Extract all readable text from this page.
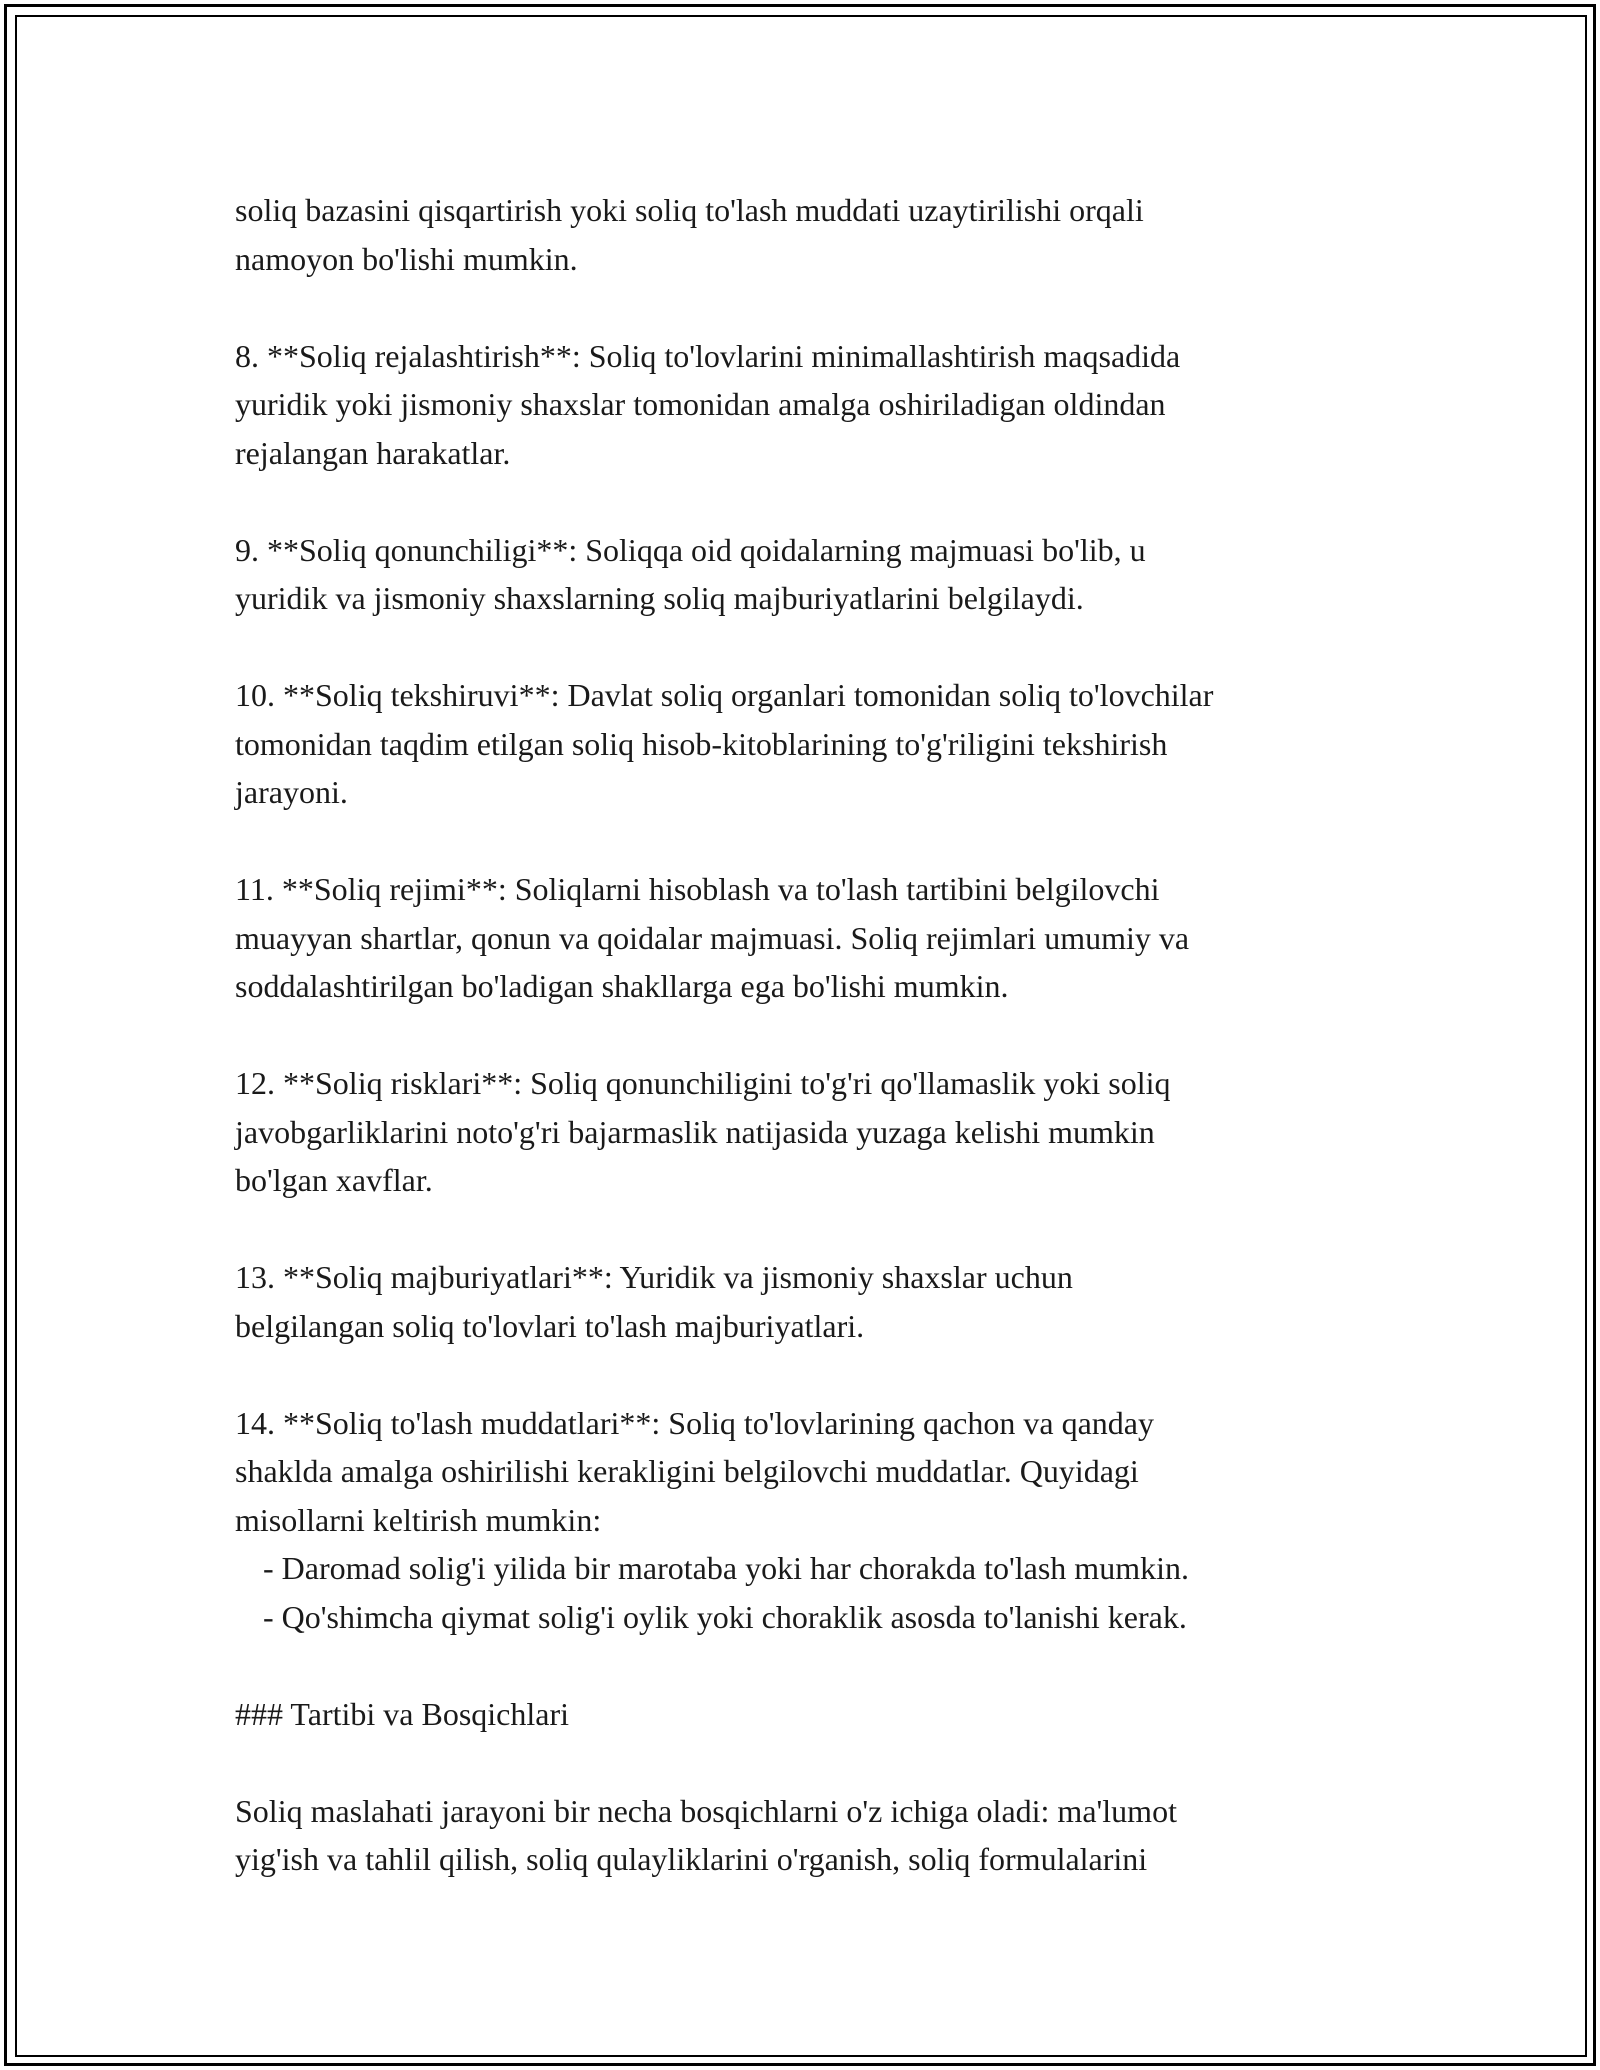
soliq bazasini qisqartirish yoki soliq to'lash muddati uzaytirilishi orqali
namoyon bo'lishi mumkin.

8. **Soliq rejalashtirish**: Soliq to'lovlarini minimallashtirish maqsadida
yuridik yoki jismoniy shaxslar tomonidan amalga oshiriladigan oldindan
rejalangan harakatlar.

9. **Soliq qonunchiligi**: Soliqqa oid qoidalarning majmuasi bo'lib, u
yuridik va jismoniy shaxslarning soliq majburiyatlarini belgilaydi.

10. **Soliq tekshiruvi**: Davlat soliq organlari tomonidan soliq to'lovchilar
tomonidan taqdim etilgan soliq hisob-kitoblarining to'g'riligini tekshirish
jarayoni.

11. **Soliq rejimi**: Soliqlarni hisoblash va to'lash tartibini belgilovchi
muayyan shartlar, qonun va qoidalar majmuasi. Soliq rejimlari umumiy va
soddalashtirilgan bo'ladigan shakllarga ega bo'lishi mumkin.

12. **Soliq risklari**: Soliq qonunchiligini to'g'ri qo'llamaslik yoki soliq
javobgarliklarini noto'g'ri bajarmaslik natijasida yuzaga kelishi mumkin
bo'lgan xavflar.

13. **Soliq majburiyatlari**: Yuridik va jismoniy shaxslar uchun
belgilangan soliq to'lovlari to'lash majburiyatlari.

14. **Soliq to'lash muddatlari**: Soliq to'lovlarining qachon va qanday
shaklda amalga oshirilishi kerakligini belgilovchi muddatlar. Quyidagi
misollarni keltirish mumkin:

- Daromad solig'i yilida bir marotaba yoki har chorakda to'lash mumkin.

- Qo'shimcha qiymat solig'i oylik yoki choraklik asosda to'lanishi kerak.

### Tartibi va Bosqichlari

Soliq maslahati jarayoni bir necha bosqichlarni o'z ichiga oladi: ma'lumot
yig'ish va tahlil qilish, soliq qulayliklarini o'rganish, soliq formulalarini
